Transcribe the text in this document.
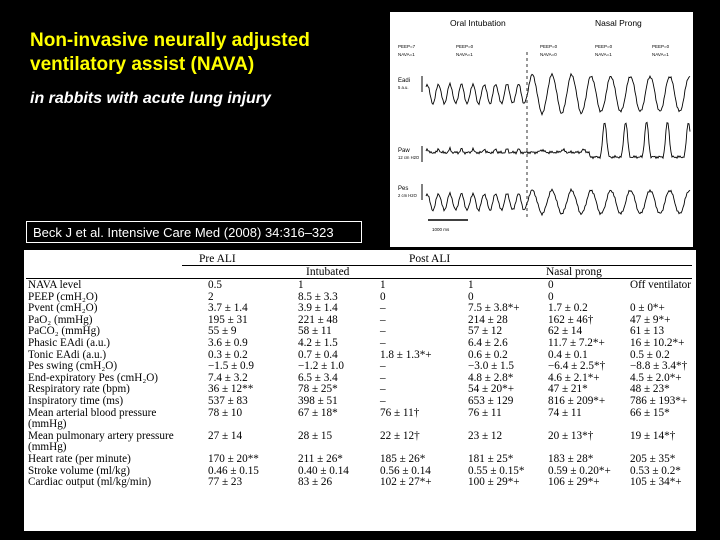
Non-invasive neurally adjusted ventilatory assist (NAVA)
in rabbits with acute lung injury
Oral Intubation	Nasal Prong
PEEP=7
NAVA=1
PEEP=0
NAVA=1
PEEP=0
NAVA=0
PEEP=0
NAVA=1
PEEP=0
NAVA=1
Eadi
5 a.u.
Paw
12 cm H2O
Pes
2 cm H2O
1000 ms
Beck J et al. Intensive Care Med (2008) 34:316–323
Pre ALI	Post ALI
Intubated	Nasal prong
NAVA level	0.5	1	1	1	0	Off ventilator
PEEP (cmH₂O)	2	8.5 ± 3.3	0	0	0	
Pvent (cmH₂O)	3.7 ± 1.4	3.9 ± 1.4	–	7.5 ± 3.8*+	1.7 ± 0.2	0 ± 0*+
PaO₂ (mmHg)	195 ± 31	221 ± 48	–	214 ± 28	162 ± 46†	47 ± 9*+
PaCO₂ (mmHg)	55 ± 9	58 ± 11	–	57 ± 12	62 ± 14	61 ± 13
Phasic EAdi (a.u.)	3.6 ± 0.9	4.2 ± 1.5	–	6.4 ± 2.6	11.7 ± 7.2*+	16 ± 10.2*+
Tonic EAdi (a.u.)	0.3 ± 0.2	0.7 ± 0.4	1.8 ± 1.3*+	0.6 ± 0.2	0.4 ± 0.1	0.5 ± 0.2
Pes swing (cmH₂O)	−1.5 ± 0.9	−1.2 ± 1.0	–	−3.0 ± 1.5	−6.4 ± 2.5*†	−8.8 ± 3.4*†
End-expiratory Pes (cmH₂O)	7.4 ± 3.2	6.5 ± 3.4	–	4.8 ± 2.8*	4.6 ± 2.1*+	4.5 ± 2.0*+
Respiratory rate (bpm)	36 ± 12**	78 ± 25*	–	54 ± 20*+	47 ± 21*	48 ± 23*
Inspiratory time (ms)	537 ± 83	398 ± 51	–	653 ± 129	816 ± 209*+	786 ± 193*+
Mean arterial blood pressure	78 ± 10	67 ± 18*	76 ± 11†	76 ± 11	74 ± 11	66 ± 15*
(mmHg)						
Mean pulmonary artery pressure	27 ± 14	28 ± 15	22 ± 12†	23 ± 12	20 ± 13*†	19 ± 14*†
(mmHg)						
Heart rate (per minute)	170 ± 20**	211 ± 26*	185 ± 26*	181 ± 25*	183 ± 28*	205 ± 35*
Stroke volume (ml/kg)	0.46 ± 0.15	0.40 ± 0.14	0.56 ± 0.14	0.55 ± 0.15*	0.59 ± 0.20*+	0.53 ± 0.2*
Cardiac output (ml/kg/min)	77 ± 23	83 ± 26	102 ± 27*+	100 ± 29*+	106 ± 29*+	105 ± 34*+
